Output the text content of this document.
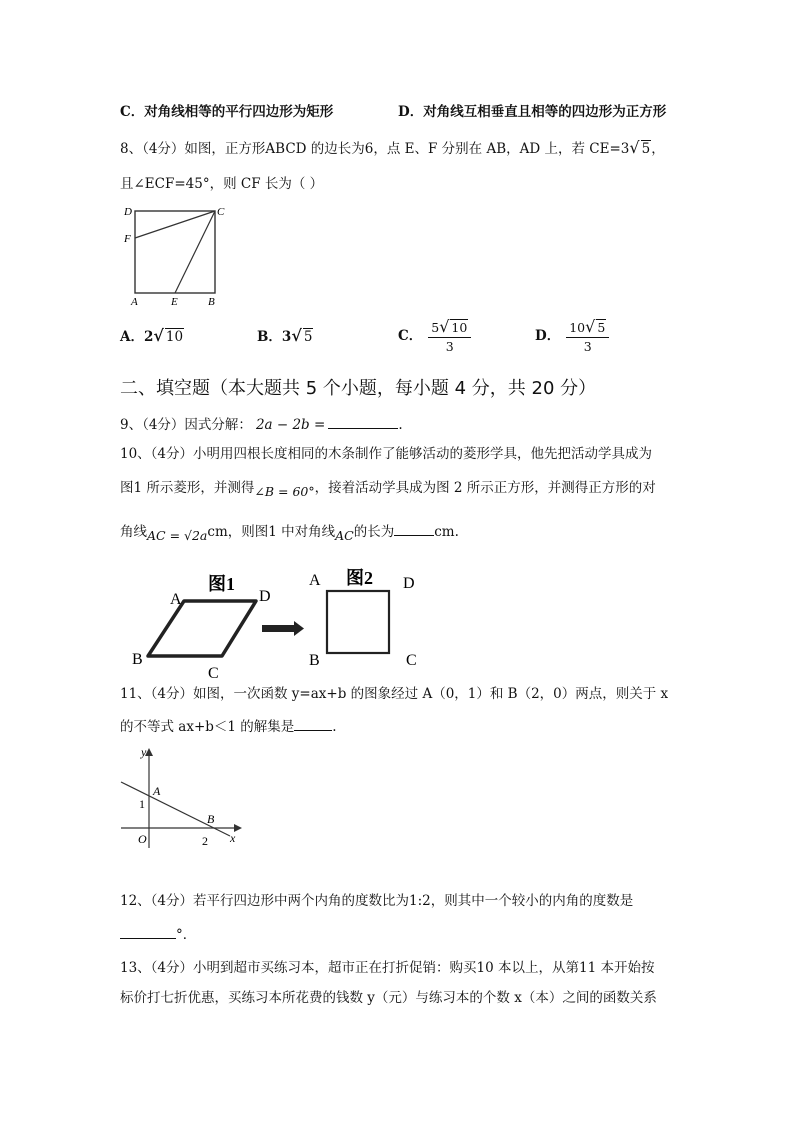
C．对角线相等的平行四边形为矩形	D．对角线互相垂直且相等的四边形为正方形
8、（4分）如图，正方形ABCD 的边长为6，点 E、F 分别在 AB，AD 上，若 CE=3√ 5，
且∠ECF=45°，则 CF 长为（ ）
D	C
F
A	E	B
A．2√ 10	B．3√ 5	C． $\frac{5√ 10}{3}$	D． $\frac{10√ 5}{3}$
二、填空题（本大题共 5 个小题，每小题 4 分，共 20 分）
9、（4分）因式分解： 2a − 2b =	.
10、（4分）小明用四根长度相同的木条制作了能够活动的菱形学具，他先把活动学具成为
图1 所示菱形，并测得∠B = 60°，接着活动学具成为图 2 所示正方形，并测得正方形的对
角线AC = √2acm，则图1 中对角线AC的长为	cm.
图1
A	D
B
C
图2
A	D
B	C
11、（4分）如图，一次函数 y=ax+b 的图象经过 A（0，1）和 B（2，0）两点，则关于 x
的不等式 ax+b＜1 的解集是	.
y
x
A
1
B
O	2
12、（4分）若平行四边形中两个内角的度数比为1:2，则其中一个较小的内角的度数是
°．
13、（4分）小明到超市买练习本，超市正在打折促销：购买10 本以上，从第11 本开始按
标价打七折优惠，买练习本所花费的钱数 y（元）与练习本的个数 x（本）之间的函数关系
